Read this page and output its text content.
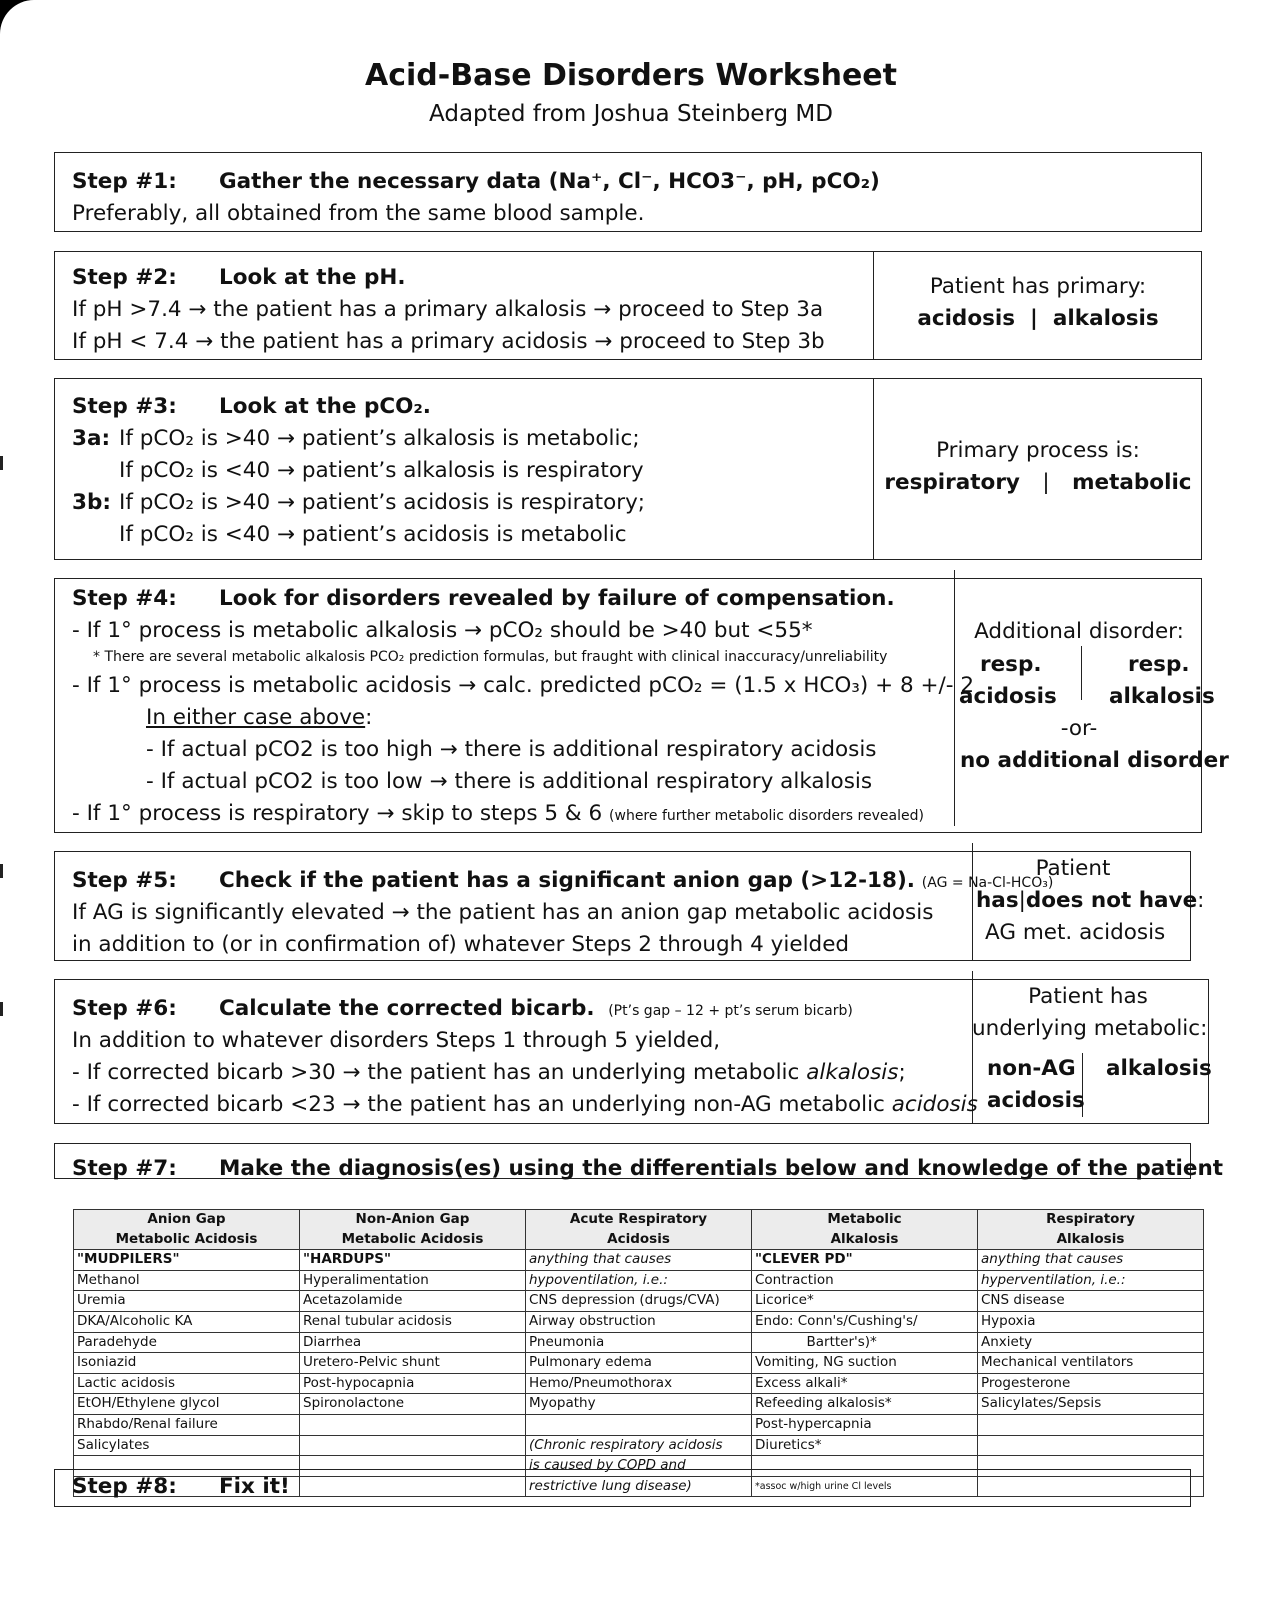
Acid-Base Disorders Worksheet
Adapted from Joshua Steinberg MD
Step #1: Gather the necessary data (Na⁺, Cl⁻, HCO3⁻, pH, pCO₂)
Preferably, all obtained from the same blood sample.
Step #2: Look at the pH.
If pH >7.4 → the patient has a primary alkalosis → proceed to Step 3a
If pH < 7.4 → the patient has a primary acidosis → proceed to Step 3b
Patient has primary:
acidosis | alkalosis
Step #3: Look at the pCO₂.
3a: If pCO₂ is >40 → patient’s alkalosis is metabolic;
If pCO₂ is <40 → patient’s alkalosis is respiratory
3b: If pCO₂ is >40 → patient’s acidosis is respiratory;
If pCO₂ is <40 → patient’s acidosis is metabolic
Primary process is:
respiratory | metabolic
Step #4: Look for disorders revealed by failure of compensation.
- If 1° process is metabolic alkalosis → pCO₂ should be >40 but <55*
* There are several metabolic alkalosis PCO₂ prediction formulas, but fraught with clinical inaccuracy/unreliability
- If 1° process is metabolic acidosis → calc. predicted pCO₂ = (1.5 x HCO₃) + 8 +/- 2
In either case above:
- If actual pCO2 is too high → there is additional respiratory acidosis
- If actual pCO2 is too low → there is additional respiratory alkalosis
- If 1° process is respiratory → skip to steps 5 & 6 (where further metabolic disorders revealed)
Additional disorder:
resp.
acidosis
resp.
alkalosis
-or-
no additional disorder
Step #5: Check if the patient has a significant anion gap (>12-18). (AG = Na-Cl-HCO₃)
If AG is significantly elevated → the patient has an anion gap metabolic acidosis
in addition to (or in confirmation of) whatever Steps 2 through 4 yielded
Patient
has|does not have:
AG met. acidosis
Step #6: Calculate the corrected bicarb. (Pt’s gap – 12 + pt’s serum bicarb)
In addition to whatever disorders Steps 1 through 5 yielded,
- If corrected bicarb >30 → the patient has an underlying metabolic alkalosis;
- If corrected bicarb <23 → the patient has an underlying non-AG metabolic acidosis
Patient has
underlying metabolic:
non-AG
acidosis
alkalosis
Step #7: Make the diagnosis(es) using the differentials below and knowledge of the patient
Anion Gap	Non-Anion Gap	Acute Respiratory	Metabolic	Respiratory
Metabolic Acidosis	Metabolic Acidosis	Acidosis	Alkalosis	Alkalosis
"MUDPILERS"	"HARDUPS"	anything that causes	"CLEVER PD"	anything that causes
Methanol	Hyperalimentation	hypoventilation, i.e.:	Contraction	hyperventilation, i.e.:
Uremia	Acetazolamide	CNS depression (drugs/CVA)	Licorice*	CNS disease
DKA/Alcoholic KA	Renal tubular acidosis	Airway obstruction	Endo: Conn's/Cushing's/	Hypoxia
Paradehyde	Diarrhea	Pneumonia	Bartter's)*	Anxiety
Isoniazid	Uretero-Pelvic shunt	Pulmonary edema	Vomiting, NG suction	Mechanical ventilators
Lactic acidosis	Post-hypocapnia	Hemo/Pneumothorax	Excess alkali*	Progesterone
EtOH/Ethylene glycol	Spironolactone	Myopathy	Refeeding alkalosis*	Salicylates/Sepsis
Rhabdo/Renal failure			Post-hypercapnia	
Salicylates		(Chronic respiratory acidosis	Diuretics*	
		is caused by COPD and		
		restrictive lung disease)	*assoc w/high urine Cl levels	
Step #8: Fix it!
